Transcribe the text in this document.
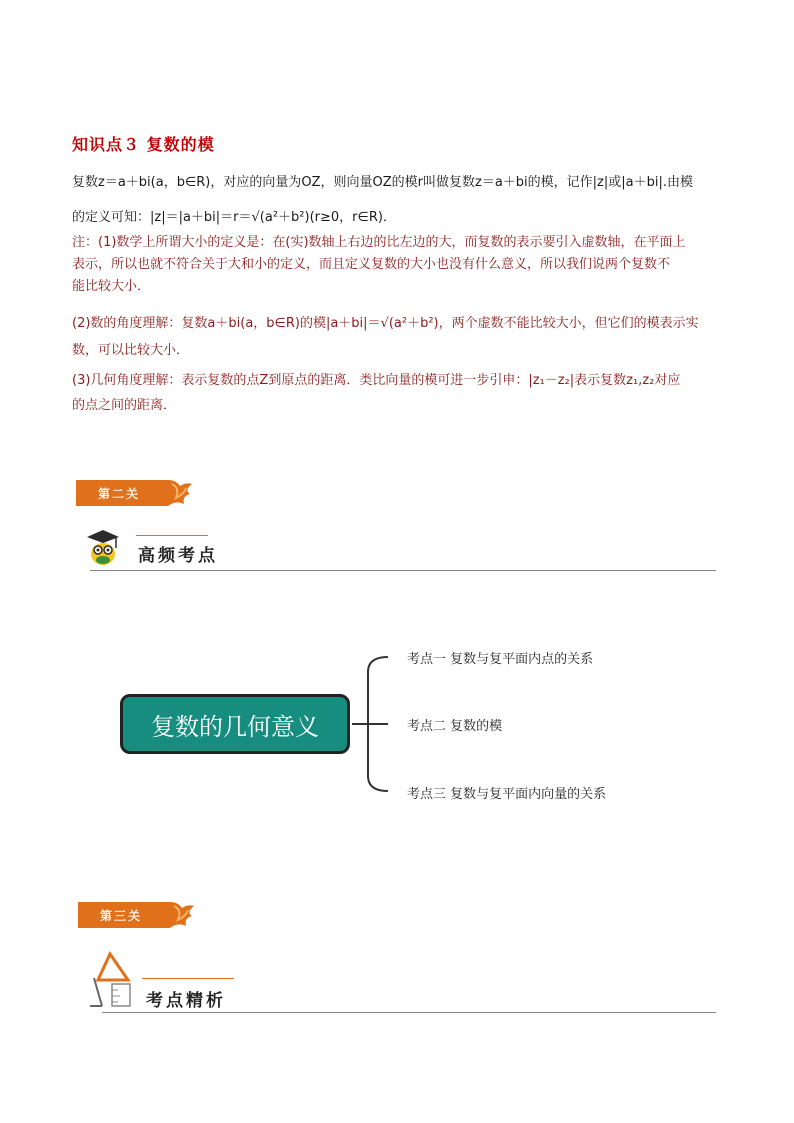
知识点３ 复数的模

复数z＝a＋bi(a，b∈R)，对应的向量为OZ，则向量OZ的模r叫做复数z＝a＋bi的模，记作|z|或|a＋bi|.由模

的定义可知：|z|＝|a＋bi|＝r＝√(a²＋b²)(r≥0，r∈R)．

注：(1)数学上所谓大小的定义是：在(实)数轴上右边的比左边的大，而复数的表示要引入虚数轴，在平面上

表示，所以也就不符合关于大和小的定义，而且定义复数的大小也没有什么意义，所以我们说两个复数不

能比较大小．

(2)数的角度理解：复数a＋bi(a，b∈R)的模|a＋bi|＝√(a²＋b²)，两个虚数不能比较大小，但它们的模表示实

数，可以比较大小．

(3)几何角度理解：表示复数的点Z到原点的距离．类比向量的模可进一步引申：|z₁－z₂|表示复数z₁,z₂对应

的点之间的距离．

第二关
高频考点
复数的几何意义
考点一 复数与复平面内点的关系
考点二 复数的模
考点三 复数与复平面内向量的关系
第三关
考点精析
